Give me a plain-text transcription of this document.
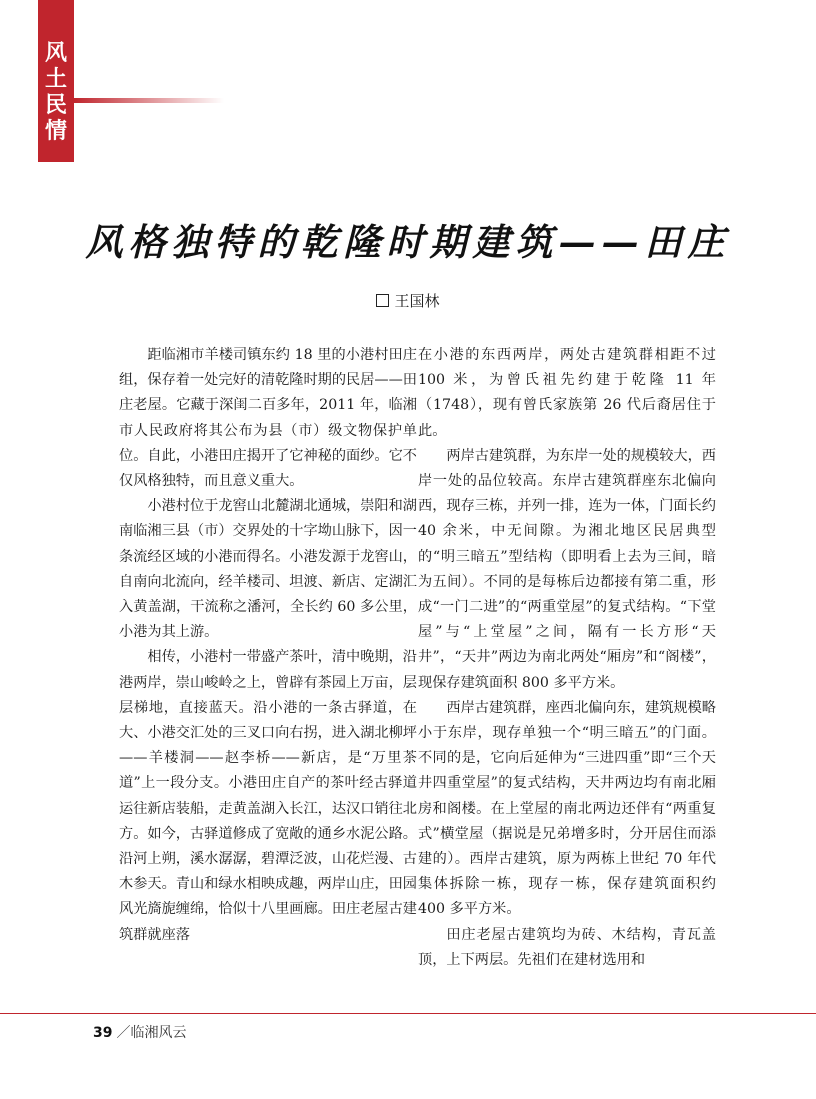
风
土
民
情
风格独特的乾隆时期建筑——田庄
王国林

距临湘市羊楼司镇东约 18 里的小港村田庄组，保存着一处完好的清乾隆时期的民居——田庄老屋。它藏于深闺二百多年，2011 年，临湘市人民政府将其公布为县（市）级文物保护单位。自此，小港田庄揭开了它神秘的面纱。它不仅风格独特，而且意义重大。

小港村位于龙窖山北麓湖北通城，崇阳和湖南临湘三县（市）交界处的十字坳山脉下，因一条流经区域的小港而得名。小港发源于龙窖山，自南向北流向，经羊楼司、坦渡、新店、定湖汇入黄盖湖，干流称之潘河，全长约 60 多公里，小港为其上游。

相传，小港村一带盛产茶叶，清中晚期，沿港两岸，崇山峻岭之上，曾辟有茶园上万亩，层层梯地，直接蓝天。沿小港的一条古驿道，在大、小港交汇处的三叉口向右拐，进入湖北柳坪——羊楼洞——赵李桥——新店，是“万里茶道”上一段分支。小港田庄自产的茶叶经古驿道运往新店装船，走黄盖湖入长江，达汉口销往北方。如今，古驿道修成了宽敞的通乡水泥公路。沿河上朔，溪水潺潺，碧潭泛波，山花烂漫、古木参天。青山和绿水相映成趣，两岸山庄，田园风光旖旎缠绵，恰似十八里画廊。田庄老屋古建筑群就座落

在小港的东西两岸，两处古建筑群相距不过 100 米，为曾氏祖先约建于乾隆 11 年（1748），现有曾氏家族第 26 代后裔居住于此。

两岸古建筑群，为东岸一处的规模较大，西岸一处的品位较高。东岸古建筑群座东北偏向西，现存三栋，并列一排，连为一体，门面长约 40 余米，中无间隙。为湘北地区民居典型的“明三暗五”型结构（即明看上去为三间，暗为五间）。不同的是每栋后边都接有第二重，形成“一门二进”的“两重堂屋”的复式结构。“下堂屋”与“上堂屋”之间，隔有一长方形“天井”，“天井”两边为南北两处“厢房”和“阁楼”，现保存建筑面积 800 多平方米。

西岸古建筑群，座西北偏向东，建筑规模略小于东岸，现存单独一个“明三暗五”的门面。不同的是，它向后延伸为“三进四重”即“三个天井四重堂屋”的复式结构，天井两边均有南北厢房和阁楼。在上堂屋的南北两边还伴有“两重复式”横堂屋（据说是兄弟增多时，分开居住而添建的）。西岸古建筑，原为两栋上世纪 70 年代集体拆除一栋，现存一栋，保存建筑面积约 400 多平方米。

田庄老屋古建筑均为砖、木结构，青瓦盖顶，上下两层。先祖们在建材选用和

39 ／临湘风云
